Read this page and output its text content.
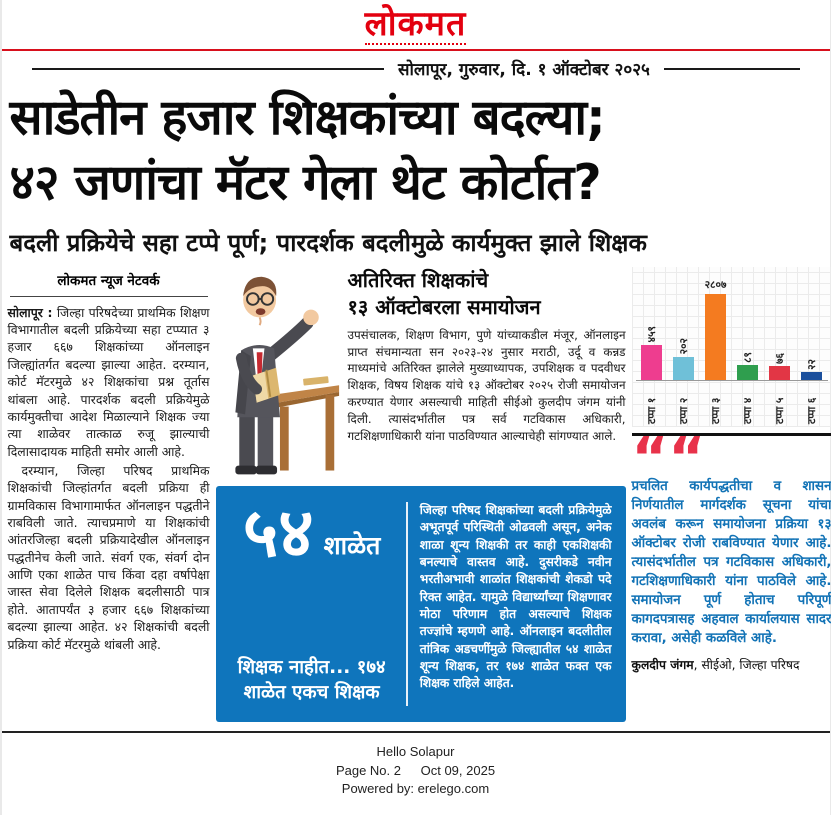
लोकमत
सोलापूर, गुरुवार, दि. १ ऑक्टोबर २०२५
साडेतीन हजार शिक्षकांच्या बदल्या;
४२ जणांचा मॅटर गेला थेट कोर्टात?
बदली प्रक्रियेचे सहा टप्पे पूर्ण; पारदर्शक बदलीमुळे कार्यमुक्त झाले शिक्षक
लोकमत न्यूज नेटवर्क

सोलापूर : जिल्हा परिषदेच्या प्राथमिक शिक्षण विभागातील बदली प्रक्रियेच्या सहा टप्प्यात ३ हजार ६६७ शिक्षकांच्या ऑनलाइन जिल्ह्यांतर्गत बदल्या झाल्या आहेत. दरम्यान, कोर्ट मॅटरमुळे ४२ शिक्षकांचा प्रश्न तूर्तास थांबला आहे. पारदर्शक बदली प्रक्रियेमुळे कार्यमुक्तीचा आदेश मिळाल्याने शिक्षक ज्या त्या शाळेवर तात्काळ रुजू झाल्याची दिलासादायक माहिती समोर आली आहे.

दरम्यान, जिल्हा परिषद प्राथमिक शिक्षकांची जिल्हांतर्गत बदली प्रक्रिया ही ग्रामविकास विभागामार्फत ऑनलाइन पद्धतीने राबविली जाते. त्याचप्रमाणे या शिक्षकांची आंतरजिल्हा बदली प्रक्रियादेखील ऑनलाइन पद्धतीनेच केली जाते. संवर्ग एक, संवर्ग दोन आणि एका शाळेत पाच किंवा दहा वर्षापेक्षा जास्त सेवा दिलेले शिक्षक बदलीसाठी पात्र होते. आतापर्यंत ३ हजार ६६७ शिक्षकांच्या बदल्या झाल्या आहेत. ४२ शिक्षकांची बदली प्रक्रिया कोर्ट मॅटरमुळे थांबली आहे.

अतिरिक्त शिक्षकांचे
१३ ऑक्टोबरला समायोजन
उपसंचालक, शिक्षण विभाग, पुणे यांच्याकडील मंजूर, ऑनलाइन प्राप्त संचमान्यता सन २०२३-२४ नुसार मराठी, उर्दू व कन्नड माध्यमांचे अतिरिक्त झालेले मुख्याध्यापक, उपशिक्षक व पदवीधर शिक्षक, विषय शिक्षक यांचे १३ ऑक्टोबर २०२५ रोजी समायोजन करण्यात येणार असल्याची माहिती सीईओ कुलदीप जंगम यांनी दिली. त्यासंदर्भातील पत्र सर्व गटविकास अधिकारी, गटशिक्षणाधिकारी यांना पाठविण्यात आल्याचेही सांगण्यात आले.
५४ शाळेत
शिक्षक नाहीत... १७४ शाळेत एकच शिक्षक
जिल्हा परिषद शिक्षकांच्या बदली प्रक्रियेमुळे अभूतपूर्व परिस्थिती ओढवली असून, अनेक शाळा शून्य शिक्षकी तर काही एकशिक्षकी बनल्याचे वास्तव आहे. दुसरीकडे नवीन भरतीअभावी शाळांत शिक्षकांची शेकडो पदे रिक्त आहेत. यामुळे विद्यार्थ्यांच्या शिक्षणावर मोठा परिणाम होत असल्याचे शिक्षक तज्ज्ञांचे म्हणणे आहे. ऑनलाइन बदलीतील तांत्रिक अडचणींमुळे जिल्ह्यातील ५४ शाळेत शून्य शिक्षक, तर १७४ शाळेत फक्त एक शिक्षक राहिले आहेत.
४५९
टप्पा १
२०२
टप्पा २
२८०७
टप्पा ३
८९
टप्पा ४
७६
टप्पा ५
२२
टप्पा ६
““
प्रचलित कार्यपद्धतीचा व शासन निर्णयातील मार्गदर्शक सूचना यांचा अवलंब करून समायोजना प्रक्रिया १३ ऑक्टोबर रोजी राबविण्यात येणार आहे. त्यासंदर्भातील पत्र गटविकास अधिकारी, गटशिक्षणाधिकारी यांना पाठविले आहे. समायोजन पूर्ण होताच परिपूर्ण कागदपत्रासह अहवाल कार्यालयास सादर करावा, असेही कळविले आहे.
कुलदीप जंगम, सीईओ, जिल्हा परिषद
Hello Solapur
Page No. 2 Oct 09, 2025
Powered by: erelego.com
